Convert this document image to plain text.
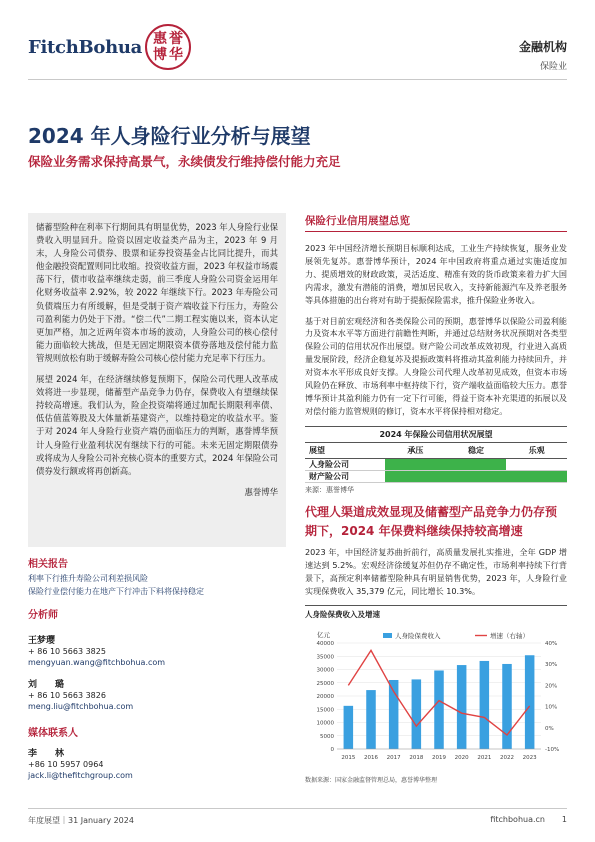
FitchBohua 惠 誉
博 华	金融机构
保险业
2024 年人身险行业分析与展望
保险业务需求保持高景气，永续债发行维持偿付能力充足

储蓄型险种在利率下行期间具有明显优势，2023 年人身险行业保费收入明显回升。险资以固定收益类产品为主，2023 年 9 月末，人身险公司债券、股票和证券投资基金占比同比提升，而其他金融投资配置则同比收缩。投资收益方面，2023 年权益市场震荡下行，债市收益率继续走弱，前三季度人身险公司资金运用年化财务收益率 2.92%，较 2022 年继续下行。2023 年寿险公司负债端压力有所缓解，但是受制于资产端收益下行压力，寿险公司盈利能力仍处于下滑。“偿二代”二期工程实施以来，资本认定更加严格，加之近两年资本市场的波动，人身险公司的核心偿付能力面临较大挑战，但是无固定期限资本债券落地及偿付能力监管规则放松有助于缓解寿险公司核心偿付能力充足率下行压力。

展望 2024 年，在经济继续修复预期下，保险公司代理人改革成效将进一步显现，储蓄型产品竞争力仍存，保费收入有望继续保持较高增速。我们认为，险企投资端将通过加配长期限利率债、低估值蓝筹股及大体量新基建资产，以维持稳定的收益水平。鉴于对 2024 年人身险行业资产端仍面临压力的判断，惠誉博华预计人身险行业盈利状况有继续下行的可能。未来无固定期限债券或将成为人身险公司补充核心资本的重要方式，2024 年保险公司债券发行额或将再创新高。

惠誉博华
相关报告
利率下行推升寿险公司利差损风险
保险行业偿付能力在地产下行冲击下料将保持稳定
分析师
王梦璎
+ 86 10 5663 3825
mengyuan.wang@fitchbohua.com
刘　　璐
+ 86 10 5663 3826
meng.liu@fitchbohua.com
媒体联系人
李　　林
+86 10 5957 0964
jack.li@thefitchgroup.com
保险行业信用展望总览

2023 年中国经济增长预期目标顺利达成，工业生产持续恢复，服务业发展领先复苏。惠誉博华预计，2024 年中国政府将重点通过实施适度加力、提质增效的财政政策，灵活适度、精准有效的货币政策来着力扩大国内需求，激发有潜能的消费，增加居民收入，支持新能源汽车及养老服务等具体措施的出台将对有助于提振保险需求，推升保险业务收入。

基于对目前宏观经济和各类保险公司的预期，惠誉博华以保险公司盈利能力及资本水平等方面进行前瞻性判断，并通过总结财务状况预期对各类型保险公司的信用状况作出展望。财产险公司改革成效初现，行业进入高质量发展阶段，经济企稳复苏及提振政策料将推动其盈利能力持续回升，并对资本水平形成良好支撑。人身险公司代理人改革初见成效，但资本市场风险仍在释放、市场利率中枢持续下行，资产端收益面临较大压力。惠誉博华预计其盈利能力仍有一定下行可能，得益于资本补充渠道的拓展以及对偿付能力监管规则的修订，资本水平将保持相对稳定。

2024 年保险公司信用状况展望
展望	承压	稳定	乐观
人身险公司			
财产险公司			
来源：惠誉博华
代理人渠道成效显现及储蓄型产品竞争力仍存预期下，2024 年保费料继续保持较高增速

2023 年，中国经济复苏曲折前行，高质量发展扎实推进，全年 GDP 增速达到 5.2%。宏观经济徐缓复苏但仍存不确定性，市场利率持续下行背景下，高预定利率储蓄型险种具有明显销售优势，2023 年，人身险行业实现保费收入 35,379 亿元，同比增长 10.3%。

人身险保费收入及增速
亿元	人身险保费收入	增速（右轴）
0
5000
10000
15000
20000
25000
30000
35000
40000
-10%
0%
10%
20%
30%
40%
2015 2016 2017 2018 2019 2020 2021 2022 2023
数据来源：国家金融监督管理总局，惠誉博华整理
年度展望｜31 January 2024	fitchbohua.cn 1
